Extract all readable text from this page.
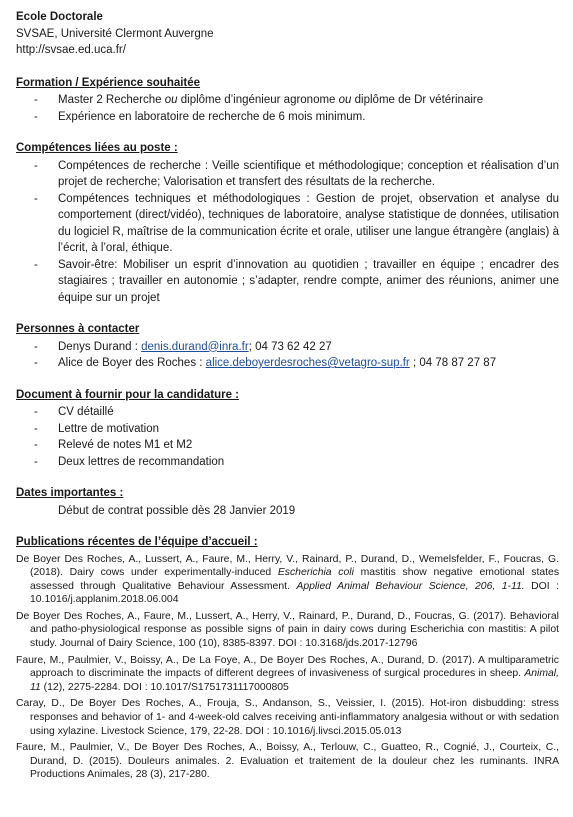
Ecole Doctorale
SVSAE, Université Clermont Auvergne
http://svsae.ed.uca.fr/
Formation / Expérience souhaitée
- Master 2 Recherche ou diplôme d’ingénieur agronome ou diplôme de Dr vétérinaire
- Expérience en laboratoire de recherche de 6 mois minimum.
Compétences liées au poste :
- Compétences de recherche : Veille scientifique et méthodologique; conception et réalisation d’un projet de recherche; Valorisation et transfert des résultats de la recherche.
- Compétences techniques et méthodologiques : Gestion de projet, observation et analyse du comportement (direct/vidéo), techniques de laboratoire, analyse statistique de données, utilisation du logiciel R, maîtrise de la communication écrite et orale, utiliser une langue étrangère (anglais) à l’écrit, à l’oral, éthique.
- Savoir-être: Mobiliser un esprit d’innovation au quotidien ; travailler en équipe ; encadrer des stagiaires ; travailler en autonomie ; s’adapter, rendre compte, animer des réunions, animer une équipe sur un projet
Personnes à contacter
- Denys Durand : denis.durand@inra.fr; 04 73 62 42 27
- Alice de Boyer des Roches : alice.deboyerdesroches@vetagro-sup.fr ; 04 78 87 27 87
Document à fournir pour la candidature :
- CV détaillé
- Lettre de motivation
- Relevé de notes M1 et M2
- Deux lettres de recommandation
Dates importantes :
Début de contrat possible dès 28 Janvier 2019
Publications récentes de l’équipe d’accueil :
De Boyer Des Roches, A., Lussert, A., Faure, M., Herry, V., Rainard, P., Durand, D., Wemelsfelder, F., Foucras, G. (2018). Dairy cows under experimentally-induced Escherichia coli mastitis show negative emotional states assessed through Qualitative Behaviour Assessment. Applied Animal Behaviour Science, 206, 1-11. DOI : 10.1016/j.applanim.2018.06.004
De Boyer Des Roches, A., Faure, M., Lussert, A., Herry, V., Rainard, P., Durand, D., Foucras, G. (2017). Behavioral and patho-physiological response as possible signs of pain in dairy cows during Escherichia con mastitis: A pilot study. Journal of Dairy Science, 100 (10), 8385-8397. DOI : 10.3168/jds.2017-12796
Faure, M., Paulmier, V., Boissy, A., De La Foye, A., De Boyer Des Roches, A., Durand, D. (2017). A multiparametric approach to discriminate the impacts of different degrees of invasiveness of surgical procedures in sheep. Animal, 11 (12), 2275-2284. DOI : 10.1017/S1751731117000805
Caray, D., De Boyer Des Roches, A., Frouja, S., Andanson, S., Veissier, I. (2015). Hot-iron disbudding: stress responses and behavior of 1- and 4-week-old calves receiving anti-inflammatory analgesia without or with sedation using xylazine. Livestock Science, 179, 22-28. DOI : 10.1016/j.livsci.2015.05.013
Faure, M., Paulmier, V., De Boyer Des Roches, A., Boissy, A., Terlouw, C., Guatteo, R., Cognié, J., Courteix, C., Durand, D. (2015). Douleurs animales. 2. Evaluation et traitement de la douleur chez les ruminants. INRA Productions Animales, 28 (3), 217-280.
